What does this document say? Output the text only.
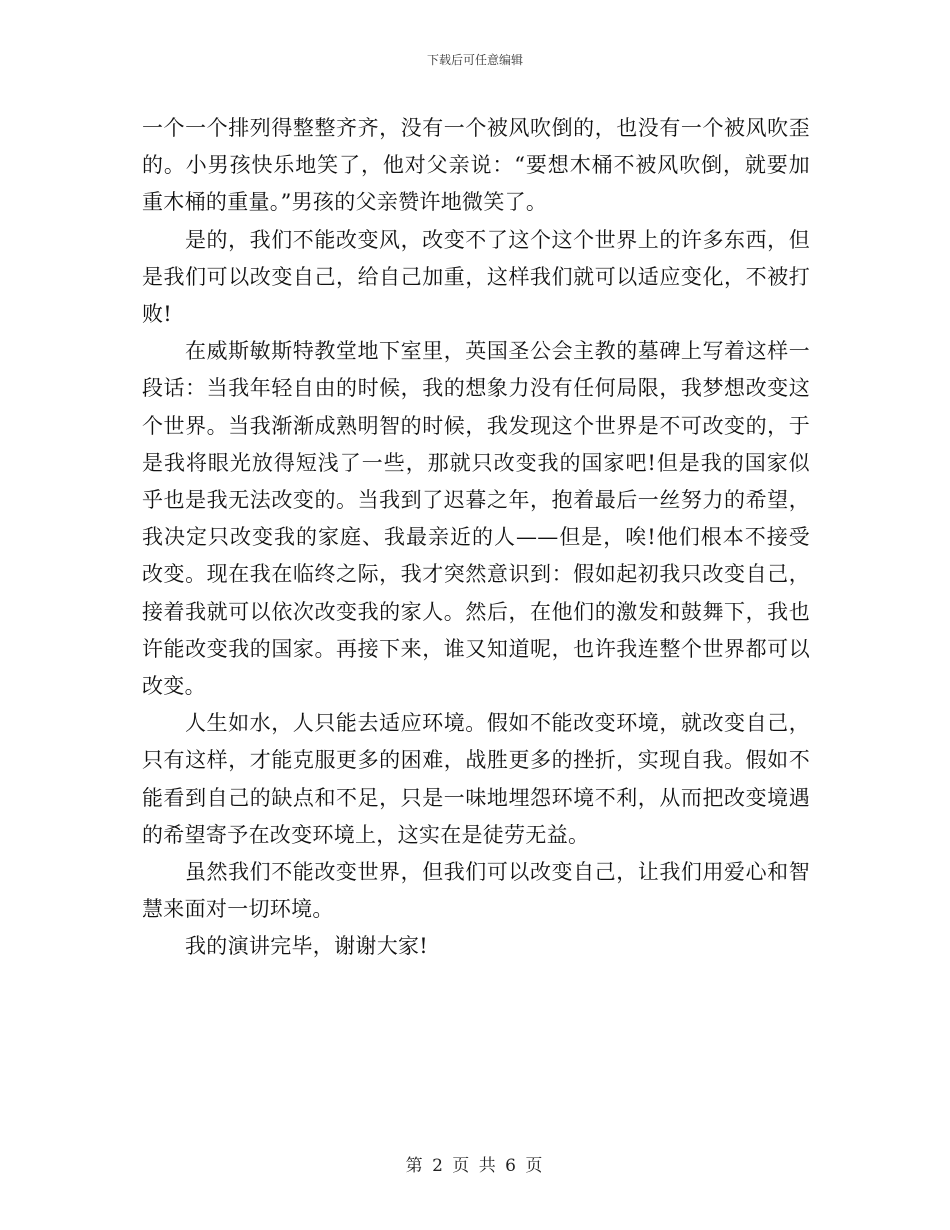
下载后可任意编辑

一个一个排列得整整齐齐，没有一个被风吹倒的，也没有一个被风吹歪的。小男孩快乐地笑了，他对父亲说：“要想木桶不被风吹倒，就要加重木桶的重量。”男孩的父亲赞许地微笑了。

是的，我们不能改变风，改变不了这个这个世界上的许多东西，但是我们可以改变自己，给自己加重，这样我们就可以适应变化，不被打败!

在威斯敏斯特教堂地下室里，英国圣公会主教的墓碑上写着这样一段话：当我年轻自由的时候，我的想象力没有任何局限，我梦想改变这个世界。当我渐渐成熟明智的时候，我发现这个世界是不可改变的，于是我将眼光放得短浅了一些，那就只改变我的国家吧!但是我的国家似乎也是我无法改变的。当我到了迟暮之年，抱着最后一丝努力的希望，我决定只改变我的家庭、我最亲近的人——但是，唉!他们根本不接受改变。现在我在临终之际，我才突然意识到：假如起初我只改变自己，接着我就可以依次改变我的家人。然后，在他们的激发和鼓舞下，我也许能改变我的国家。再接下来，谁又知道呢，也许我连整个世界都可以改变。

人生如水，人只能去适应环境。假如不能改变环境，就改变自己，只有这样，才能克服更多的困难，战胜更多的挫折，实现自我。假如不能看到自己的缺点和不足，只是一味地埋怨环境不利，从而把改变境遇的希望寄予在改变环境上，这实在是徒劳无益。

虽然我们不能改变世界，但我们可以改变自己，让我们用爱心和智慧来面对一切环境。

我的演讲完毕，谢谢大家!

第 2 页 共 6 页
